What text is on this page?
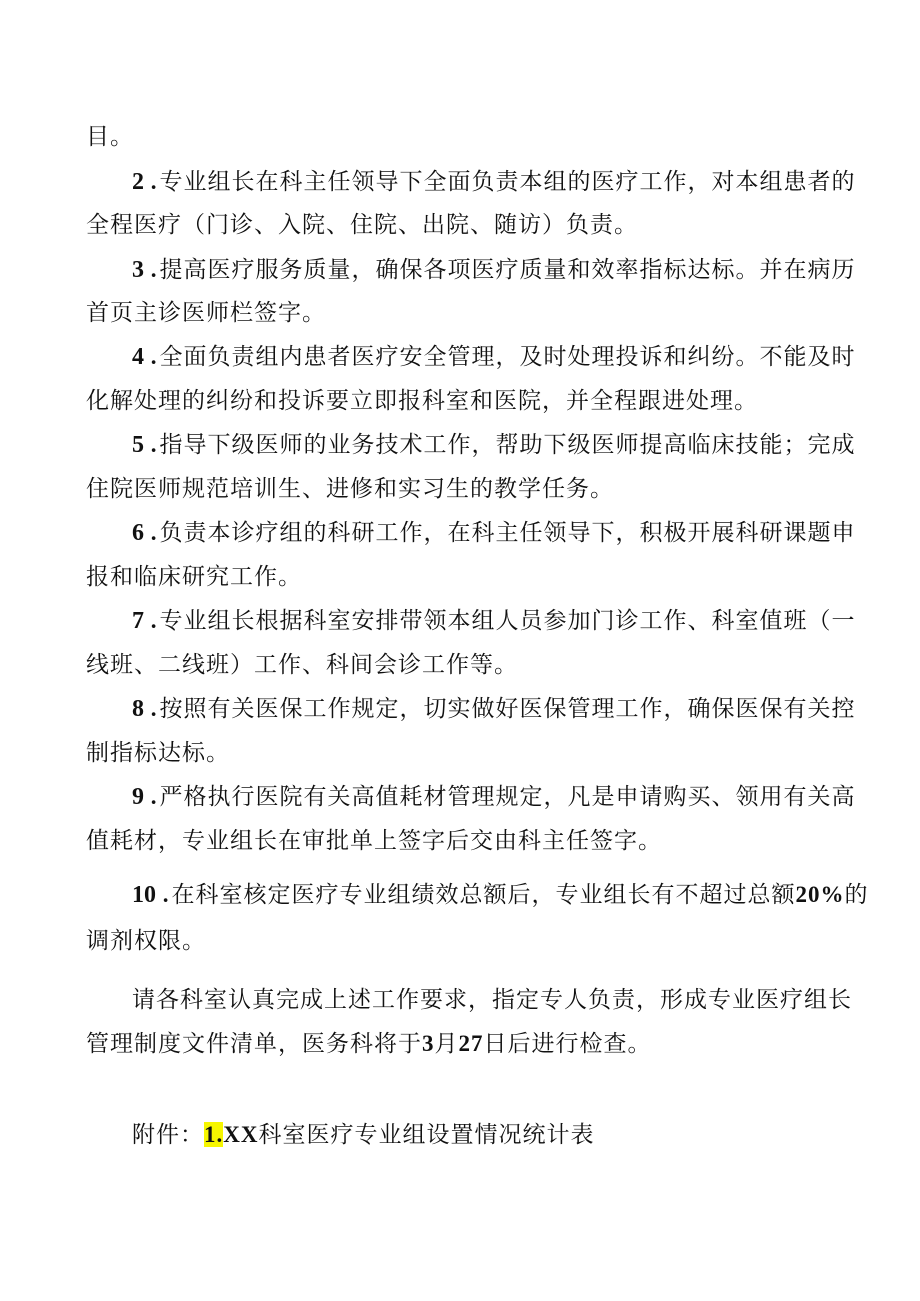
目。
2 .专业组长在科主任领导下全面负责本组的医疗工作，对本组患者的
全程医疗（门诊、入院、住院、出院、随访）负责。
3 .提高医疗服务质量，确保各项医疗质量和效率指标达标。并在病历
首页主诊医师栏签字。
4 .全面负责组内患者医疗安全管理，及时处理投诉和纠纷。不能及时
化解处理的纠纷和投诉要立即报科室和医院，并全程跟进处理。
5 .指导下级医师的业务技术工作，帮助下级医师提高临床技能；完成
住院医师规范培训生、进修和实习生的教学任务。
6 .负责本诊疗组的科研工作，在科主任领导下，积极开展科研课题申
报和临床研究工作。
7 .专业组长根据科室安排带领本组人员参加门诊工作、科室值班（一
线班、二线班）工作、科间会诊工作等。
8 .按照有关医保工作规定，切实做好医保管理工作，确保医保有关控
制指标达标。
9 .严格执行医院有关高值耗材管理规定，凡是申请购买、领用有关高
值耗材，专业组长在审批单上签字后交由科主任签字。
10 .在科室核定医疗专业组绩效总额后，专业组长有不超过总额20%的
调剂权限。
请各科室认真完成上述工作要求，指定专人负责，形成专业医疗组长
管理制度文件清单，医务科将于3月27日后进行检查。
附件：1.XX科室医疗专业组设置情况统计表
